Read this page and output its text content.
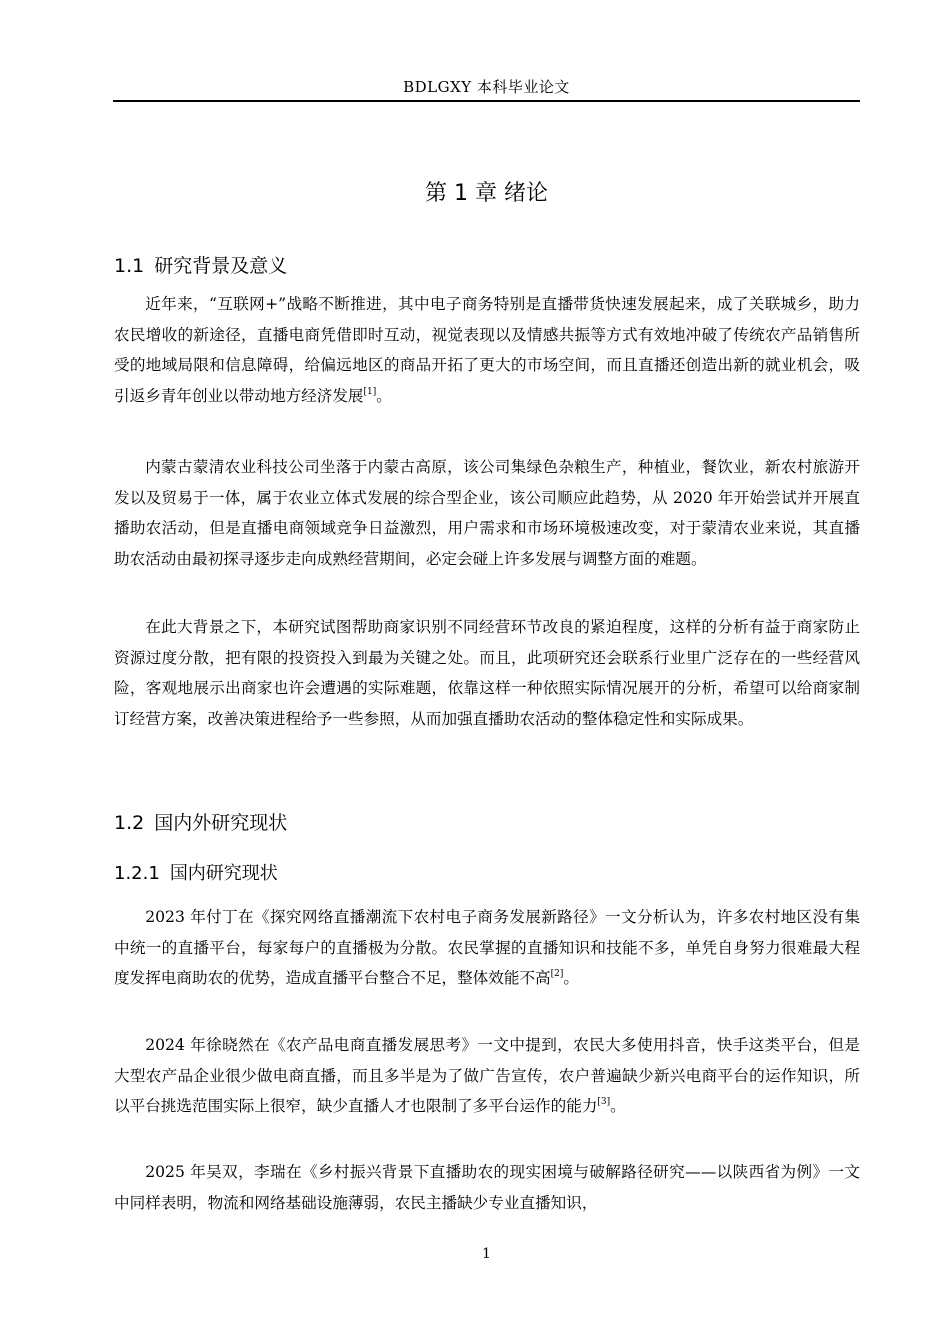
BDLGXY 本科毕业论文
第 1 章 绪论
1.1 研究背景及意义

近年来，“互联网+”战略不断推进，其中电子商务特别是直播带货快速发展起来，成了关联城乡，助力农民增收的新途径，直播电商凭借即时互动，视觉表现以及情感共振等方式有效地冲破了传统农产品销售所受的地域局限和信息障碍，给偏远地区的商品开拓了更大的市场空间，而且直播还创造出新的就业机会，吸引返乡青年创业以带动地方经济发展[1]。

内蒙古蒙清农业科技公司坐落于内蒙古高原，该公司集绿色杂粮生产，种植业，餐饮业，新农村旅游开发以及贸易于一体，属于农业立体式发展的综合型企业，该公司顺应此趋势，从 2020 年开始尝试并开展直播助农活动，但是直播电商领域竞争日益激烈，用户需求和市场环境极速改变，对于蒙清农业来说，其直播助农活动由最初探寻逐步走向成熟经营期间，必定会碰上许多发展与调整方面的难题。

在此大背景之下，本研究试图帮助商家识别不同经营环节改良的紧迫程度，这样的分析有益于商家防止资源过度分散，把有限的投资投入到最为关键之处。而且，此项研究还会联系行业里广泛存在的一些经营风险，客观地展示出商家也许会遭遇的实际难题，依靠这样一种依照实际情况展开的分析，希望可以给商家制订经营方案，改善决策进程给予一些参照，从而加强直播助农活动的整体稳定性和实际成果。

1.2 国内外研究现状
1.2.1 国内研究现状

2023 年付丁在《探究网络直播潮流下农村电子商务发展新路径》一文分析认为，许多农村地区没有集中统一的直播平台，每家每户的直播极为分散。农民掌握的直播知识和技能不多，单凭自身努力很难最大程度发挥电商助农的优势，造成直播平台整合不足，整体效能不高[2]。

2024 年徐晓然在《农产品电商直播发展思考》一文中提到，农民大多使用抖音，快手这类平台，但是大型农产品企业很少做电商直播，而且多半是为了做广告宣传，农户普遍缺少新兴电商平台的运作知识，所以平台挑选范围实际上很窄，缺少直播人才也限制了多平台运作的能力[3]。

2025 年吴双，李瑞在《乡村振兴背景下直播助农的现实困境与破解路径研究——以陕西省为例》一文中同样表明，物流和网络基础设施薄弱，农民主播缺少专业直播知识，

1
